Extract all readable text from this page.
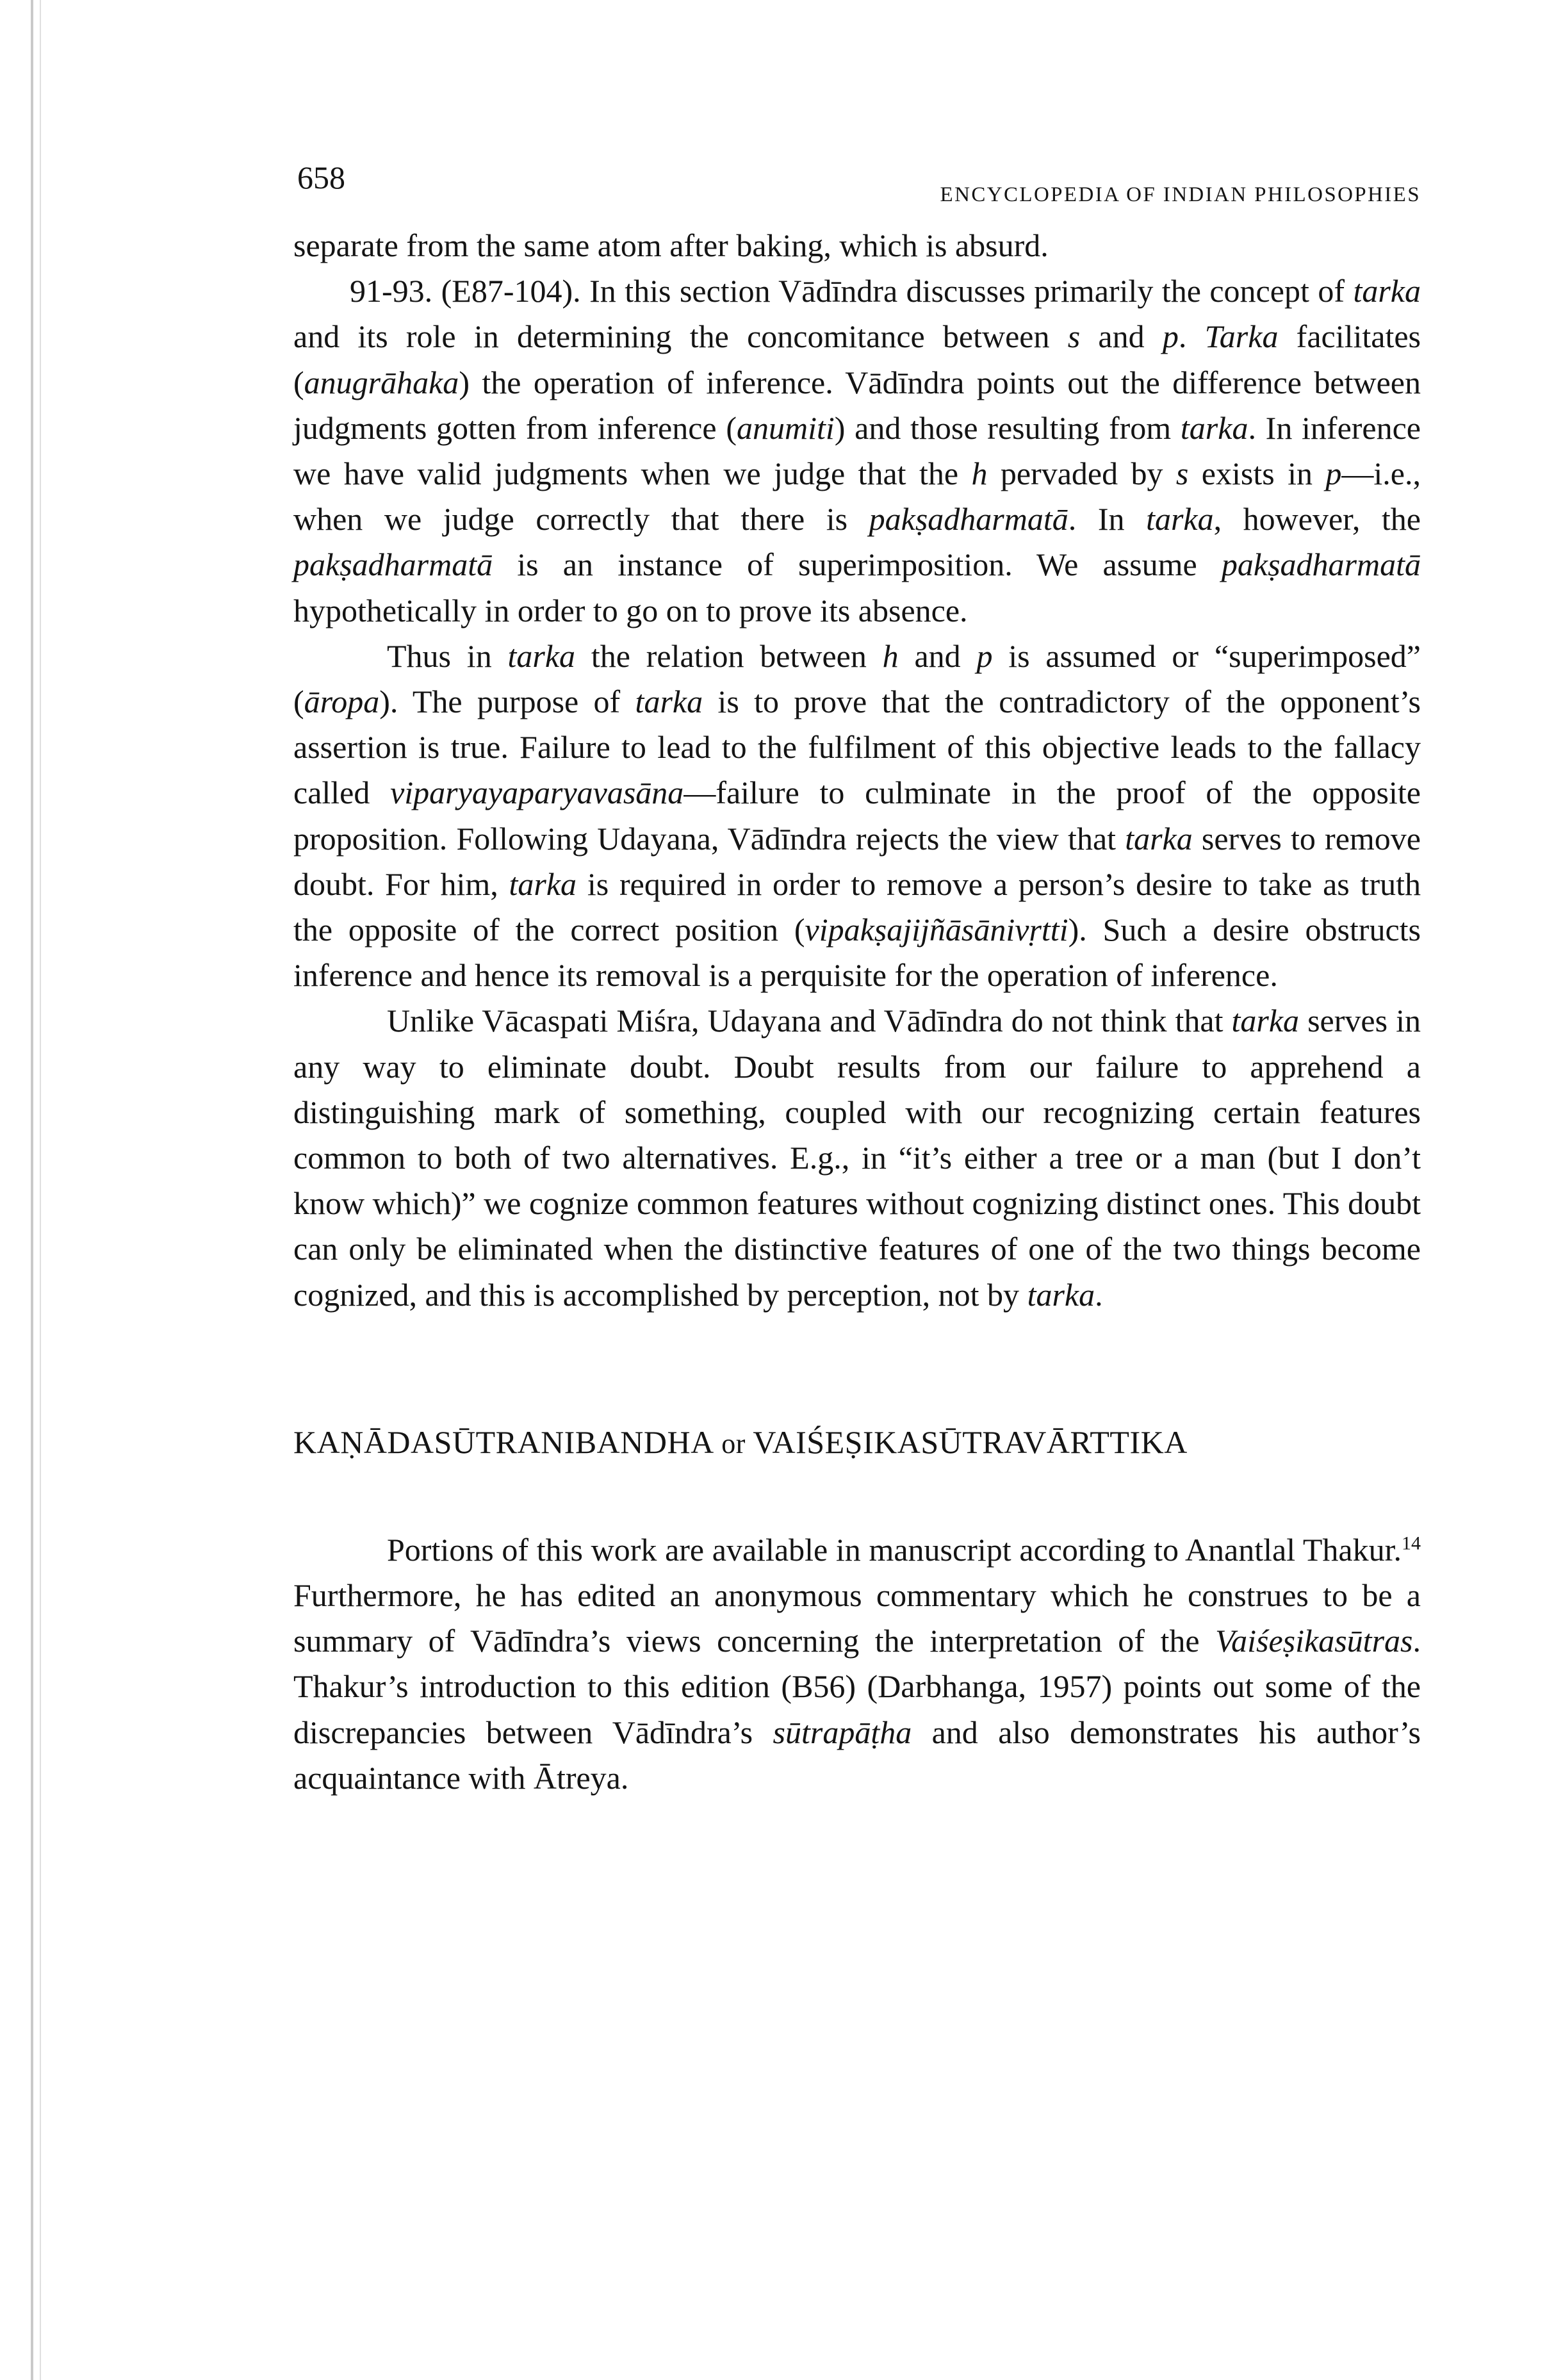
658	ENCYCLOPEDIA OF INDIAN PHILOSOPHIES

separate from the same atom after baking, which is absurd.

91-93. (E87-104). In this section Vādīndra discusses primarily the concept of tarka and its role in determining the concomitance between s and p. Tarka facilitates (anugrāhaka) the operation of inference. Vādīndra points out the difference between judgments gotten from inference (anumiti) and those resulting from tarka. In inference we have valid judgments when we judge that the h pervaded by s exists in p—i.e., when we judge correctly that there is pakṣadharmatā. In tarka, however, the pakṣadharmatā is an instance of superimposition. We assume pakṣadharmatā hypothetically in order to go on to prove its absence.

Thus in tarka the relation between h and p is assumed or “superimposed” (āropa). The purpose of tarka is to prove that the contradictory of the opponent’s assertion is true. Failure to lead to the fulfilment of this objective leads to the fallacy called viparyayaparyavasāna—failure to culminate in the proof of the opposite proposition. Following Udayana, Vādīndra rejects the view that tarka serves to remove doubt. For him, tarka is required in order to remove a person’s desire to take as truth the opposite of the correct position (vipakṣajijñāsānivṛtti). Such a desire obstructs inference and hence its removal is a perquisite for the operation of inference.

Unlike Vācaspati Miśra, Udayana and Vādīndra do not think that tarka serves in any way to eliminate doubt. Doubt results from our failure to apprehend a distinguishing mark of something, coupled with our recognizing certain features common to both of two alternatives. E.g., in “it’s either a tree or a man (but I don’t know which)” we cognize common features without cognizing distinct ones. This doubt can only be eliminated when the distinctive features of one of the two things become cognized, and this is accomplished by perception, not by tarka.

KAṆĀDASŪTRANIBANDHA or VAIŚEṢIKASŪTRAVĀRTTIKA

Portions of this work are available in manuscript according to Anantlal Thakur.$^{14}$ Furthermore, he has edited an anonymous commentary which he construes to be a summary of Vādīndra’s views concerning the interpretation of the Vaiśeṣikasūtras. Thakur’s introduction to this edition (B56) (Darbhanga, 1957) points out some of the discrepancies between Vādīndra’s sūtrapāṭha and also demonstrates his author’s acquaintance with Ātreya.
